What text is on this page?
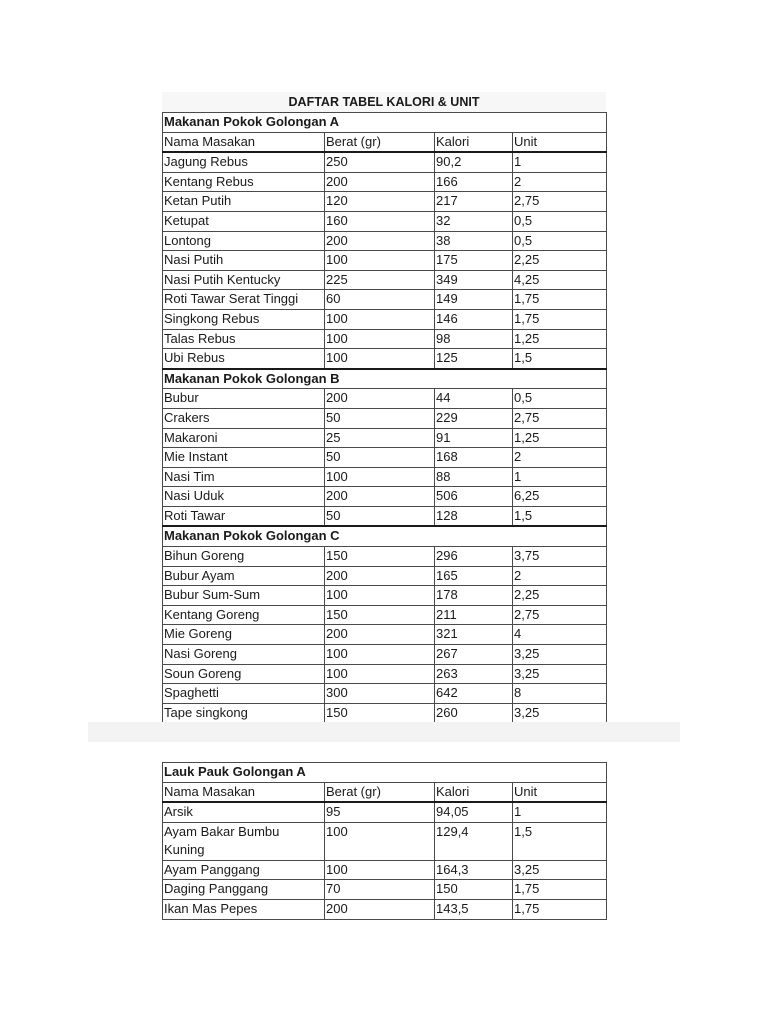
DAFTAR TABEL KALORI & UNIT
Makanan Pokok Golongan A			
Nama Masakan	Berat (gr)	Kalori	Unit
Jagung Rebus	250	90,2	1
Kentang Rebus	200	166	2
Ketan Putih	120	217	2,75
Ketupat	160	32	0,5
Lontong	200	38	0,5
Nasi Putih	100	175	2,25
Nasi Putih Kentucky	225	349	4,25
Roti Tawar Serat Tinggi	60	149	1,75
Singkong Rebus	100	146	1,75
Talas Rebus	100	98	1,25
Ubi Rebus	100	125	1,5
Makanan Pokok Golongan B			
Bubur	200	44	0,5
Crakers	50	229	2,75
Makaroni	25	91	1,25
Mie Instant	50	168	2
Nasi Tim	100	88	1
Nasi Uduk	200	506	6,25
Roti Tawar	50	128	1,5
Makanan Pokok Golongan C			
Bihun Goreng	150	296	3,75
Bubur Ayam	200	165	2
Bubur Sum-Sum	100	178	2,25
Kentang Goreng	150	211	2,75
Mie Goreng	200	321	4
Nasi Goreng	100	267	3,25
Soun Goreng	100	263	3,25
Spaghetti	300	642	8
Tape singkong	150	260	3,25
Lauk Pauk Golongan A			
Nama Masakan	Berat (gr)	Kalori	Unit
Arsik	95	94,05	1
Ayam Bakar Bumbu Kuning	100	129,4	1,5
Ayam Panggang	100	164,3	3,25
Daging Panggang	70	150	1,75
Ikan Mas Pepes	200	143,5	1,75
